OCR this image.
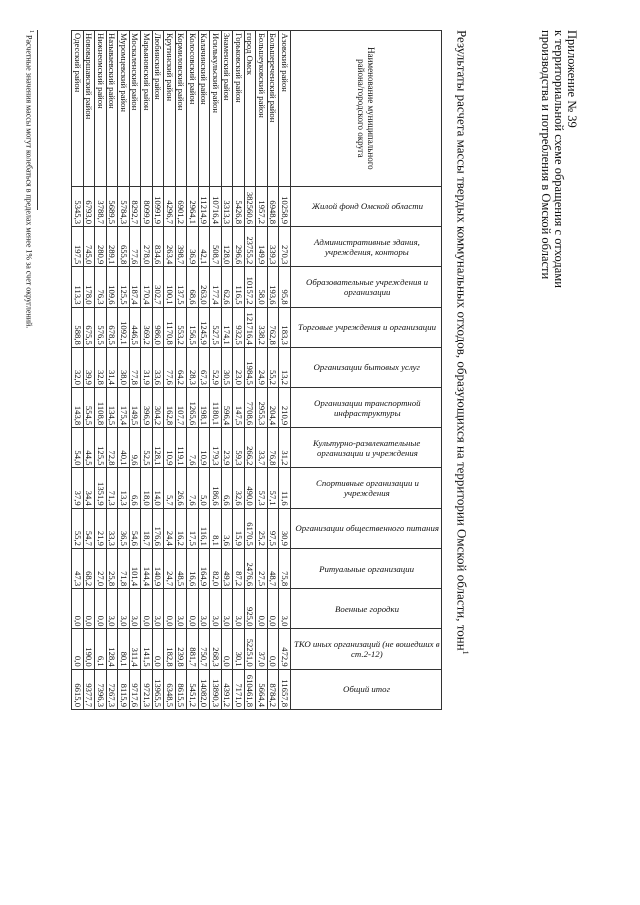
Приложение № 39
к территориальной схеме обращения с отходами
производства и потребления в Омской области
Результаты расчета массы твердых коммунальных отходов, образующихся на территории Омской области, тонн$^1$
Наименование муниципального района/городского округа	Жилой фонд Омской области	Административные здания, учреждения, конторы	Образовательные учреждения и организации	Торговые учреждения и организации	Организации бытовых услуг	Организации транспортной инфраструктуры	Культурно-развлекательные организации и учреждения	Спортивные организации и учреждения	Организации общественного питания	Ритуальные организации	Военные городки	ТКО иных организаций (не вошедших в ст.2-12)	Общий итог
Азовский район	10258,9	270,3	95,8	183,3	13,2	210,9	31,2	11,6	30,9	75,8	3,0	472,9	11657,8
Большереченский район	6948,8	339,3	193,6	762,8	55,2	204,4	76,8	57,1	97,5	48,7	0,0	0,0	8784,2
Большеуковский район	1957,2	149,9	58,0	338,2	24,9	2955,3	33,7	57,3	25,2	27,5	0,0	37,0	5664,4
город Омск	382560,6	23755,2	10157,2	121716,4	1984,5	7708,6	266,2	490,0	6170,5	2476,6	925,0	52251,0	610461,8
Горьковский район	5426,8	296,6	116,5	932,5	23,0	147,5	59,3	32,6	15,9	87,2	3,0	30,1	7171,0
Знаменский район	3313,3	128,0	62,6	174,1	30,5	596,4	23,9	6,6	3,6	49,3	3,0	0,0	4391,2
Исилькульский район	10716,4	508,7	177,4	527,5	52,9	1180,1	179,3	186,6	8,1	82,0	3,0	268,3	13890,3
Калачинский район	11214,9	42,1	263,0	1245,9	67,3	198,1	10,9	5,0	116,1	164,9	3,0	750,7	14082,0
Колосовский район	2964,1	36,9	68,6	156,5	28,3	1265,6	7,6	7,6	17,5	16,6	0,0	881,7	5451,2
Кормиловский район	6901,2	398,7	137,5	553,2	64,2	107,7	119,1	26,6	16,2	48,5	3,0	239,8	8615,5
Крутинский район	4296,7	263,4	100,1	1170,8	77,6	162,8	10,9	5,7	24,4	24,7	0,0	182,8	6348,5
Любинский район	10991,9	834,6	302,7	986,0	33,6	304,2	128,1	14,0	176,6	140,9	3,0	0,0	13965,5
Марьяновский район	8099,9	278,0	170,4	369,2	31,9	396,9	52,5	18,0	18,7	144,4	0,0	141,5	9721,3
Москаленский район	8292,7	77,6	187,4	446,5	77,8	149,5	9,6	6,6	54,6	101,4	3,0	311,4	9717,6
Муромцевский район	5784,3	655,8	125,5	1092,1	38,0	175,4	40,1	13,3	36,5	71,8	3,0	80,1	8115,9
Называевский район	5689,5	289,1	109,6	678,5	31,4	134,5	72,8	71,3	33,3	25,8	3,0	128,4	7267,3
Нижнеомский район	3788,7	280,9	76,3	576,5	32,8	1108,8	125,5	1351,9	21,9	27,0	0,0	6,1	7396,3
Нововаршавский район	6793,0	745,0	178,0	675,5	39,9	554,5	44,5	34,4	54,7	68,2	0,0	190,0	9377,7
Одесский район	5345,3	197,5	113,3	588,8	32,0	143,8	54,0	37,9	55,2	47,3	0,0	0,0	6615,0
$^1$ Расчетные значения массы могут колебаться в пределах менее 1% за счет округлений.
